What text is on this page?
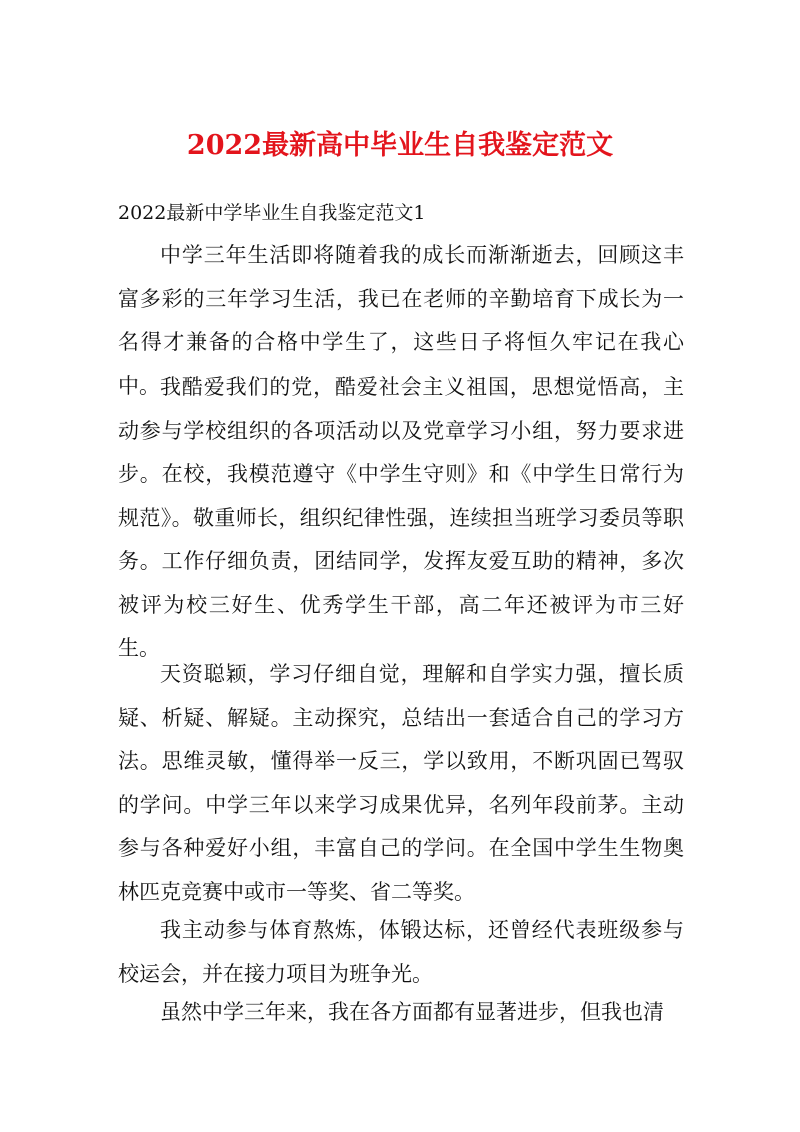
2022最新高中毕业生自我鉴定范文

2022最新中学毕业生自我鉴定范文1

中学三年生活即将随着我的成长而渐渐逝去，回顾这丰富多彩的三年学习生活，我已在老师的辛勤培育下成长为一名得才兼备的合格中学生了，这些日子将恒久牢记在我心中。 我酷爱我们的党，酷爱社会主义祖国，思想觉悟高，主动参与学校组织的各项活动以及党章学习小组，努力要求进步。在校，我模范遵守《中学生守则》和《中学生日常行为规范》。敬重师长，组织纪律性强，连续担当班学习委员等职务。工作仔细负责，团结同学，发挥友爱互助的精神，多次被评为校三好生、优秀学生干部，高二年还被评为市三好生。

天资聪颖，学习仔细自觉，理解和自学实力强，擅长质疑、析疑、解疑。主动探究，总结出一套适合自己的学习方法。思维灵敏，懂得举一反三，学以致用，不断巩固已驾驭的学问。中学三年以来学习成果优异，名列年段前茅。主动参与各种爱好小组，丰富自己的学问。在全国中学生生物奥林匹克竞赛中或市一等奖、省二等奖。

我主动参与体育熬炼，体锻达标，还曾经代表班级参与校运会，并在接力项目为班争光。

虽然中学三年来，我在各方面都有显著进步，但我也清
